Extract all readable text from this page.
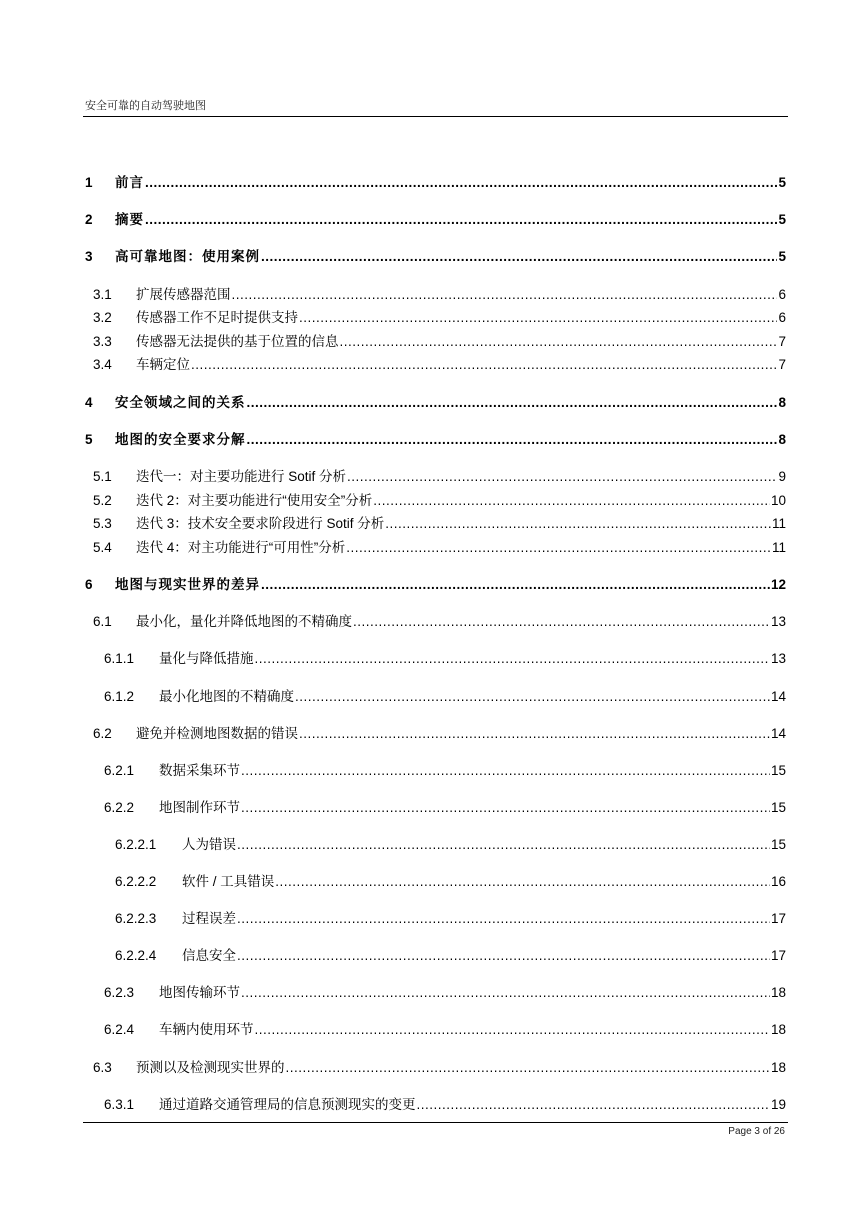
安全可靠的自动驾驶地图
1	前言 .....	5
2	摘要 .....	5
3	高可靠地图：使用案例 .....	5
3.1	扩展传感器范围 .....	6
3.2	传感器工作不足时提供支持 .....	6
3.3	传感器无法提供的基于位置的信息 .....	7
3.4	车辆定位 .....	7
4	安全领域之间的关系 .....	8
5	地图的安全要求分解 .....	8
5.1	迭代一：对主要功能进行 Sotif 分析 .....	9
5.2	迭代 2：对主要功能进行“使用安全”分析 .....	10
5.3	迭代 3：技术安全要求阶段进行 Sotif 分析 .....	11
5.4	迭代 4：对主功能进行“可用性”分析 .....	11
6	地图与现实世界的差异 .....	12
6.1	最小化，量化并降低地图的不精确度 .....	13
6.1.1	量化与降低措施 .....	13
6.1.2	最小化地图的不精确度 .....	14
6.2	避免并检测地图数据的错误 .....	14
6.2.1	数据采集环节 .....	15
6.2.2	地图制作环节 .....	15
6.2.2.1	人为错误 .....	15
6.2.2.2	软件 / 工具错误 .....	16
6.2.2.3	过程误差 .....	17
6.2.2.4	信息安全 .....	17
6.2.3	地图传输环节 .....	18
6.2.4	车辆内使用环节 .....	18
6.3	预测以及检测现实世界的 .....	18
6.3.1	通过道路交通管理局的信息预测现实的变更 .....	19
Page 3 of 26
